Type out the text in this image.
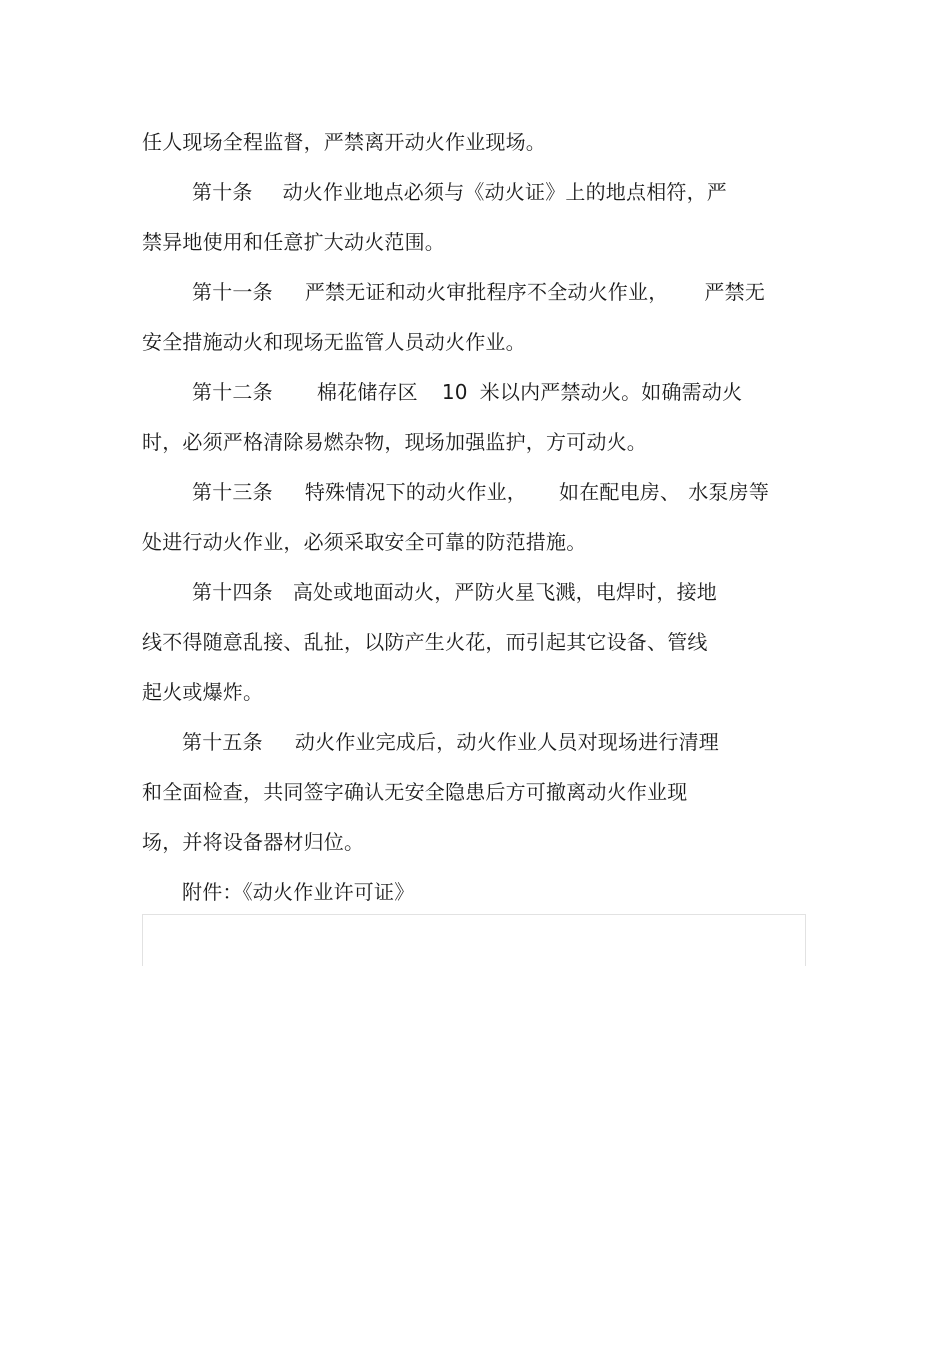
任人现场全程监督，严禁离开动火作业现场。
第十条 动火作业地点必须与《动火证》上的地点相符，严
禁异地使用和任意扩大动火范围。
第十一条 严禁无证和动火审批程序不全动火作业， 严禁无
安全措施动火和现场无监管人员动火作业。
第十二条 棉花储存区 10 米以内严禁动火。如确需动火
时，必须严格清除易燃杂物，现场加强监护，方可动火。
第十三条 特殊情况下的动火作业， 如在配电房、 水泵房等
处进行动火作业，必须采取安全可靠的防范措施。
第十四条 高处或地面动火，严防火星飞溅，电焊时，接地
线不得随意乱接、乱扯，以防产生火花，而引起其它设备、管线
起火或爆炸。
第十五条 动火作业完成后，动火作业人员对现场进行清理
和全面检查，共同签字确认无安全隐患后方可撤离动火作业现
场，并将设备器材归位。
附件：《动火作业许可证》
